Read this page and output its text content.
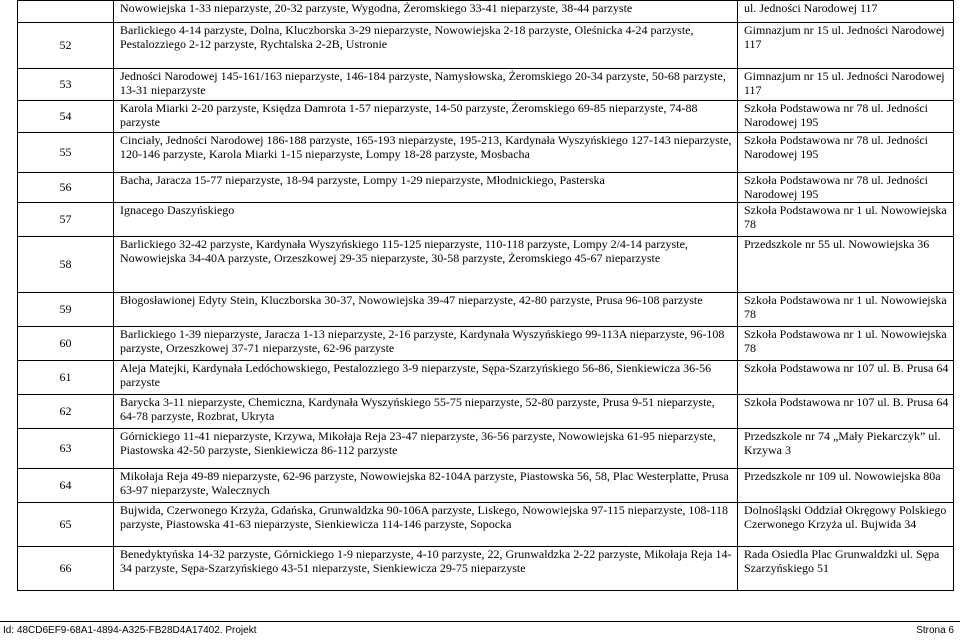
	Nowowiejska 1-33 nieparzyste, 20-32 parzyste, Wygodna, Żeromskiego 33-41 nieparzyste, 38-44 parzyste	ul. Jedności Narodowej 117
52	Barlickiego 4-14 parzyste, Dolna, Kluczborska 3-29 nieparzyste, Nowowiejska 2-18 parzyste, Oleśnicka 4-24 parzyste, Pestalozziego 2-12 parzyste, Rychtalska 2-2B, Ustronie	Gimnazjum nr 15 ul. Jedności Narodowej 117
53	Jedności Narodowej 145-161/163 nieparzyste, 146-184 parzyste, Namysłowska, Żeromskiego 20-34 parzyste, 50-68 parzyste, 13-31 nieparzyste	Gimnazjum nr 15 ul. Jedności Narodowej 117
54	Karola Miarki 2-20 parzyste, Księdza Damrota 1-57 nieparzyste, 14-50 parzyste, Żeromskiego 69-85 nieparzyste, 74-88 parzyste	Szkoła Podstawowa nr 78 ul. Jedności Narodowej 195
55	Cinciały, Jedności Narodowej 186-188 parzyste, 165-193 nieparzyste, 195-213, Kardynała Wyszyńskiego 127-143 nieparzyste, 120-146 parzyste, Karola Miarki 1-15 nieparzyste, Lompy 18-28 parzyste, Mosbacha	Szkoła Podstawowa nr 78 ul. Jedności Narodowej 195
56	Bacha, Jaracza 15-77 nieparzyste, 18-94 parzyste, Lompy 1-29 nieparzyste, Młodnickiego, Pasterska	Szkoła Podstawowa nr 78 ul. Jedności Narodowej 195
57	Ignacego Daszyńskiego	Szkoła Podstawowa nr 1 ul. Nowowiejska 78
58	Barlickiego 32-42 parzyste, Kardynała Wyszyńskiego 115-125 nieparzyste, 110-118 parzyste, Lompy 2/4-14 parzyste, Nowowiejska 34-40A parzyste, Orzeszkowej 29-35 nieparzyste, 30-58 parzyste, Żeromskiego 45-67 nieparzyste	Przedszkole nr 55 ul. Nowowiejska 36
59	Błogosławionej Edyty Stein, Kluczborska 30-37, Nowowiejska 39-47 nieparzyste, 42-80 parzyste, Prusa 96-108 parzyste	Szkoła Podstawowa nr 1 ul. Nowowiejska 78
60	Barlickiego 1-39 nieparzyste, Jaracza 1-13 nieparzyste, 2-16 parzyste, Kardynała Wyszyńskiego 99-113A nieparzyste, 96-108 parzyste, Orzeszkowej 37-71 nieparzyste, 62-96 parzyste	Szkoła Podstawowa nr 1 ul. Nowowiejska 78
61	Aleja Matejki, Kardynała Ledóchowskiego, Pestalozziego 3-9 nieparzyste, Sępa-Szarzyńskiego 56-86, Sienkiewicza 36-56 parzyste	Szkoła Podstawowa nr 107 ul. B. Prusa 64
62	Barycka 3-11 nieparzyste, Chemiczna, Kardynała Wyszyńskiego 55-75 nieparzyste, 52-80 parzyste, Prusa 9-51 nieparzyste, 64-78 parzyste, Rozbrat, Ukryta	Szkoła Podstawowa nr 107 ul. B. Prusa 64
63	Górnickiego 11-41 nieparzyste, Krzywa, Mikołaja Reja 23-47 nieparzyste, 36-56 parzyste, Nowowiejska 61-95 nieparzyste, Piastowska 42-50 parzyste, Sienkiewicza 86-112 parzyste	Przedszkole nr 74 „Mały Piekarczyk” ul. Krzywa 3
64	Mikołaja Reja 49-89 nieparzyste, 62-96 parzyste, Nowowiejska 82-104A parzyste, Piastowska 56, 58, Plac Westerplatte, Prusa 63-97 nieparzyste, Walecznych	Przedszkole nr 109 ul. Nowowiejska 80a
65	Bujwida, Czerwonego Krzyża, Gdańska, Grunwaldzka 90-106A parzyste, Liskego, Nowowiejska 97-115 nieparzyste, 108-118 parzyste, Piastowska 41-63 nieparzyste, Sienkiewicza 114-146 parzyste, Sopocka	Dolnośląski Oddział Okręgowy Polskiego Czerwonego Krzyża ul. Bujwida 34
66	Benedyktyńska 14-32 parzyste, Górnickiego 1-9 nieparzyste, 4-10 parzyste, 22, Grunwaldzka 2-22 parzyste, Mikołaja Reja 14-34 parzyste, Sępa-Szarzyńskiego 43-51 nieparzyste, Sienkiewicza 29-75 nieparzyste	Rada Osiedla Plac Grunwaldzki ul. Sępa Szarzyńskiego 51
Id: 48CD6EF9-68A1-4894-A325-FB28D4A17402. Projekt	Strona 6
